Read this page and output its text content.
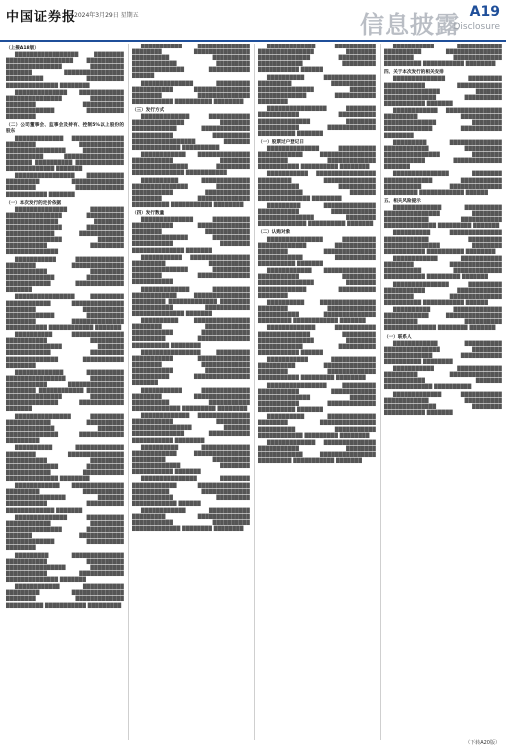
中国证券报
2024年3月29日 星期五	信息披露 A19
Disclosure

（上接A18版）

█████████████████ ████████ ██████████████████ ██████████ ███████████████ █████████ ███████ ████████████████ ██████████ ██████████ ██████████████ ████████

██████████████ ████████████ ███████████████ █████████ ████████ ███████████ █████████████ ██████████ ████████

（二）公司董事会、监事会及持有、控制5%以上股份的股东

█████████████ ██████████████ ████████ ████████████ ████████████████ ███████████ ██████████ ████████████████ ███████ ██████████ █████████████ █████████████ ███████

████████████████ ██████████ █████████ ██████████████ ████████ █████████████ ███████████ ███████

（一）本次发行的定价依据

██████████████ █████████ ███████████████ ██████████ ██████████████ ████████ ███████████████ ██████████ █████████████ ████████████ ███████████████ ███████ ███████████ █████████ ██████████████

███████████ █████████████ ████████ ██████████████ ███████████ █████████ █████████████ ██████████ ████████████ █████████████ ███████

████████████████ █████████ ████████████ ██████████████ ████████ ███████████ █████████████ ██████████ ████████ ██████████████ ███████████ ████████████ ███████

██████████ ██████████████ ███████████ █████████ ███████████████ ███████ ████████████ █████████ ██████████████ ███████████ ████████

█████████████ ██████████ ████████████████ █████████ ███████████ ███████████████ ████████ ████████████ ██████████ ███████████████ █████████ ██████████████ ████████████ ███████

███████████████ █████████ ████████████ ██████████ █████████████ ███████ ██████████████ ████████████ █████████

██████████ █████████████ ████████ ███████████████ ███████████ █████████ ██████████████ ██████████ ████████████ ███████████ ██████████████ ████████

████████████ ██████████████ █████████ ███████████ ████████████████ ███████ ███████████ ██████████ █████████████ ███████

██████████████ ██████████ ████████████ █████████ ███████████████ ██████████ ███████ ████████████ █████████████ ██████████ ████████

█████████ ██████████████ ███████████ ██████████ ████████████████ █████████ ███████████ ████████████ ██████████████ ███████

████████████ ███████████ █████████ ██████████████ ████████ █████████████ ██████████ ███████████ █████████

███████████ ██████████████ ████████ ███████████████ ██████████ ██████████ ████████████ █████████ ██████████████ ███████████ ██████

██████████████ █████████ ███████████ ███████████████ ████████ ██████████████ ███████████ ██████████ ████████

（三）发行方式

█████████████ ███████████ ██████████████ ████████ ████████████ █████████████ ███████████ ██████████ █████████████████ ███████ █████████████ ██████████

████████████ ██████████████ ███████████ ████████ ███████████████ █████████ ██████████████ ███████████

██████████ █████████████ ███████████████ █████████ ███████████ ████████████ ████████ ██████████████ ██████████ ███████████ ████████

（四）发行数量

██████████████ ██████████ ███████████ ██████████████ ████████ ████████████ ███████████████ ██████████ ███████████ ████████ ██████████████ ███████

███████████ ████████████████ █████████ ███████████ ███████████████ ██████████ ████████ ██████████████ ███████████

█████████████ ██████████ ████████████ ███████████████ █████████ █████████████ ████████ ███████████ ████████████ ██████████████ ███████

██████████ ███████████████ ████████ ████████████ ███████████ █████████████ █████████ ██████████████ ██████████ ████████

████████████████ █████████ ███████████ ██████████████ ████████ █████████████ ███████████ ████████████ ██████████ ███████████████ ███████

███████████ █████████████ ████████ ███████████████ ██████████ ███████████ █████████████ █████████ ████████

█████████████ ██████████████ ███████████ █████████ ████████████████ ███████ ██████████████ ███████████ ███████████ ████████

██████████ █████████████ ████████████ ███████████████ █████████ ██████████ █████████████ ████████ ███████████ ███████

███████████████ ████████ ████████████ ██████████████ ██████████ █████████████ ███████████ █████████ ████████████ ██████

████████████ ███████████ █████████ ██████████████ ███████████ ██████████ █████████████ ████████ ████████

█████████████ ███████████ ███████████████ ████████ ██████████████ ██████████ ████████████ █████████ ███████████ ██████

██████████ ██████████████ █████████ ████████████ ███████████████ ███████ █████████████ ███████████ ████████

████████████████ ████████ ███████████ ██████████ ██████████████ ████████ ███████████ █████████████ ██████████ ███████

（一）股票过户登记日

██████████████ ██████████ ████████████ ███████████████ ████████ █████████████ ███████████ ██████████ ████████

███████████ ████████████████ █████████ ██████████████ ███████████ ██████████ ████████████ ███████ ██████████████ ████████

█████████ ██████████████ ███████████ ████████████ ███████████████ ████████ █████████████ ██████████ ███████

（二）认购对象

███████████████ █████████ █████████████ ███████████ ████████ ██████████████ ████████████ ███████████ ██████████ ███████

████████████ ██████████████ ███████████ █████████ ███████████████ ████████ █████████████ ██████████ ████████

██████████ ███████████████ ████████ █████████████ ███████████ ██████████████ █████████ ████████████ ███████

█████████████ ███████████ ██████████████ █████████ ███████████████ ████████ ████████████ ██████████ ███████████ ██████

███████████ ████████████ ██████████ ██████████████ ████████ █████████████ ███████████ █████████ ████████

████████████████ █████████ ███████████ ████████████ ██████████████ ███████ ███████████ █████████████ ██████████ ███████

██████████ █████████████ ████████ ███████████████ ██████████ ███████████ ████████████ █████████ ████████

█████████████ ██████████████ ███████████ ████████ ████████████ ███████████████ █████████ ███████████ ███████

███████████ ████████████ ██████████ ███████████████ ████████ █████████████ ██████████ ███████████ ████████

四、关于本次发行的相关安排

██████████████ █████████ ███████████ ████████████ ███████████████ ███████ ██████████████ ██████████ ███████████ ███████

████████████ ███████████████ █████████ ███████████ ██████████████ ████████ █████████████ ███████████ ████████

█████████ ██████████████ ████████████ ██████████ ███████████████ ████████ ███████████ █████████████ ███████

███████████████ ████████ █████████████ ███████████ ██████████ ██████████████ █████████ ████████████ ██████

五、相关风险提示

█████████████ ██████████ ███████████████ ████████ ████████████ ███████████ ██████████████ █████████ ███████

██████████ ██████████████ ████████████ █████████ ███████████████ ████████ ███████████ ██████████ ████████

████████████ ███████████ ████████ ██████████████ ██████████ █████████████ ███████████ █████████ ███████

███████████████ █████████ ███████████ ████████████ ████████ ██████████████ ██████████ ███████████ ██████

██████████ █████████████ ████████████ ███████████████ █████████ ██████████ ██████████████ ████████ ███████

（一）联系人

████████████ ██████████ ███████████████ ████████ █████████████ ███████████ ██████████ ████████

███████████ ████████████ █████████ ██████████████ ███████████ ███████ █████████████ ██████████

█████████████ ███████████ ████████████ ██████████ ██████████████ ████████ ███████████ ███████

（下转A20版）
